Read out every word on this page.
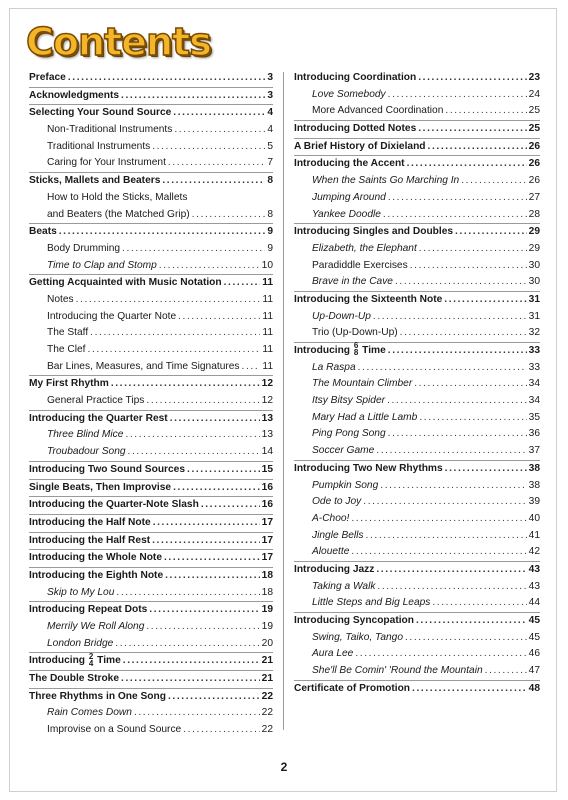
Contents
Preface .....	3
Acknowledgments .....	3
Selecting Your Sound Source .....	4
Non-Traditional Instruments .....	4
Traditional Instruments .....	5
Caring for Your Instrument .....	7
Sticks, Mallets and Beaters .....	8
How to Hold the Sticks, Mallets
and Beaters (the Matched Grip) .....	8
Beats .....	9
Body Drumming .....	9
Time to Clap and Stomp .....	10
Getting Acquainted with Music Notation .....	11
Notes .....	11
Introducing the Quarter Note .....	11
The Staff .....	11
The Clef .....	11
Bar Lines, Measures, and Time Signatures ..... 11
My First Rhythm .....	12
General Practice Tips .....	12
Introducing the Quarter Rest .....	13
Three Blind Mice .....	13
Troubadour Song .....	14
Introducing Two Sound Sources .....	15
Single Beats, Then Improvise .....	16
Introducing the Quarter-Note Slash .....	16
Introducing the Half Note .....	17
Introducing the Half Rest .....	17
Introducing the Whole Note .....	17
Introducing the Eighth Note .....	18
Skip to My Lou .....	18
Introducing Repeat Dots .....	19
Merrily We Roll Along .....	19
London Bridge .....	20
Introducing 2
4 Time .....	21
The Double Stroke .....	21
Three Rhythms in One Song .....	22
Rain Comes Down .....	22
Improvise on a Sound Source .....	22
Introducing Coordination .....	23
Love Somebody .....	24
More Advanced Coordination .....	25
Introducing Dotted Notes .....	25
A Brief History of Dixieland .....	26
Introducing the Accent .....	26
When the Saints Go Marching In .....	26
Jumping Around .....	27
Yankee Doodle .....	28
Introducing Singles and Doubles .....	29
Elizabeth, the Elephant .....	29
Paradiddle Exercises .....	30
Brave in the Cave .....	30
Introducing the Sixteenth Note .....	31
Up-Down-Up .....	31
Trio (Up-Down-Up) .....	32
Introducing 6
8 Time .....	33
La Raspa .....	33
The Mountain Climber .....	34
Itsy Bitsy Spider .....	34
Mary Had a Little Lamb .....	35
Ping Pong Song .....	36
Soccer Game .....	37
Introducing Two New Rhythms .....	38
Pumpkin Song .....	38
Ode to Joy .....	39
A-Choo! .....	40
Jingle Bells .....	41
Alouette .....	42
Introducing Jazz .....	43
Taking a Walk .....	43
Little Steps and Big Leaps .....	44
Introducing Syncopation .....	45
Swing, Taiko, Tango .....	45
Aura Lee .....	46
She'll Be Comin' 'Round the Mountain .....	47
Certificate of Promotion .....	48

2
